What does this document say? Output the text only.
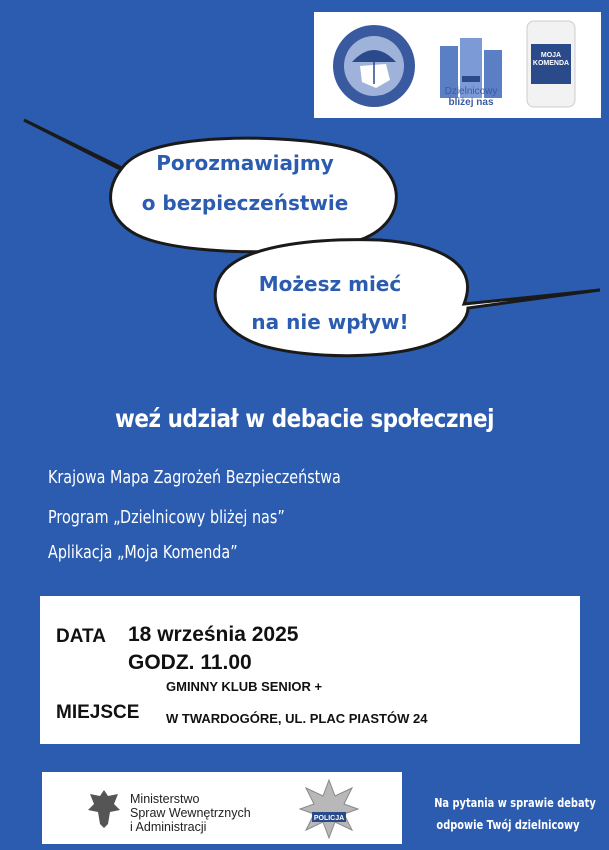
Porozmawiajmy
o bezpieczeństwie
Możesz mieć
na nie wpływ!
Dzielnicowy
bliżej nas
MOJA
KOMENDA
weź udział w debacie społecznej
Krajowa Mapa Zagrożeń Bezpieczeństwa
Program „Dzielnicowy bliżej nas”
Aplikacja „Moja Komenda”
DATA 18 września 2025
GODZ. 11.00
GMINNY KLUB SENIOR +
MIEJSCE W TWARDOGÓRE, UL. PLAC PIASTÓW 24
Ministerstwo
Spraw Wewnętrznych
i Administracji
POLICJA
Na pytania w sprawie debaty
odpowie Twój dzielnicowy
